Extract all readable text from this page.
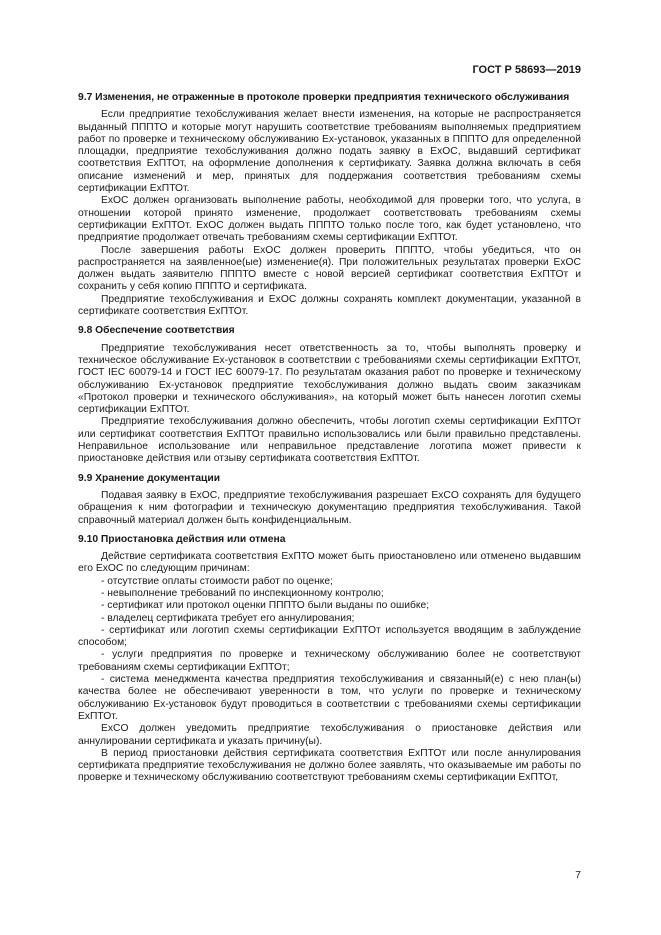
ГОСТ Р 58693—2019
9.7 Изменения, не отраженные в протоколе проверки предприятия технического обслуживания

Если предприятие техобслуживания желает внести изменения, на которые не распространяется выданный ПППТО и которые могут нарушить соответствие требованиям выполняемых предприятием работ по проверке и техническому обслуживанию Ex-установок, указанных в ПППТО для определенной площадки, предприятие техобслуживания должно подать заявку в ExOC, выдавший сертификат соответствия ExПТОт, на оформление дополнения к сертификату. Заявка должна включать в себя описание изменений и мер, принятых для поддержания соответствия требованиям схемы сертификации ExПТОт.

ExOC должен организовать выполнение работы, необходимой для проверки того, что услуга, в отношении которой принято изменение, продолжает соответствовать требованиям схемы сертификации ExПТОт. ExOC должен выдать ПППТО только после того, как будет установлено, что предприятие продолжает отвечать требованиям схемы сертификации ExПТОт.

После завершения работы ExOC должен проверить ПППТО, чтобы убедиться, что он распространяется на заявленное(ые) изменение(я). При положительных результатах проверки ExOC должен выдать заявителю ПППТО вместе с новой версией сертификат соответствия ExПТОт и сохранить у себя копию ПППТО и сертификата.

Предприятие техобслуживания и ExOC должны сохранять комплект документации, указанной в сертификате соответствия ExПТОт.

9.8 Обеспечение соответствия

Предприятие техобслуживания несет ответственность за то, чтобы выполнять проверку и техническое обслуживание Ex-установок в соответствии с требованиями схемы сертификации ExПТОт, ГОСТ IEC 60079-14 и ГОСТ IEC 60079-17. По результатам оказания работ по проверке и техническому обслуживанию Ex-установок предприятие техобслуживания должно выдать своим заказчикам «Протокол проверки и технического обслуживания», на который может быть нанесен логотип схемы сертификации ExПТОт.

Предприятие техобслуживания должно обеспечить, чтобы логотип схемы сертификации ExПТОт или сертификат соответствия ExПТОт правильно использовались или были правильно представлены. Неправильное использование или неправильное представление логотипа может привести к приостановке действия или отзыву сертификата соответствия ExПТОт.

9.9 Хранение документации

Подавая заявку в ExOC, предприятие техобслуживания разрешает ExCO сохранять для будущего обращения к ним фотографии и техническую документацию предприятия техобслуживания. Такой справочный материал должен быть конфиденциальным.

9.10 Приостановка действия или отмена

Действие сертификата соответствия ExПТО может быть приостановлено или отменено выдавшим его ExOC по следующим причинам:

- отсутствие оплаты стоимости работ по оценке;

- невыполнение требований по инспекционному контролю;

- сертификат или протокол оценки ПППТО были выданы по ошибке;

- владелец сертификата требует его аннулирования;

- сертификат или логотип схемы сертификации ExПТОт используется вводящим в заблуждение способом;

- услуги предприятия по проверке и техническому обслуживанию более не соответствуют требованиям схемы сертификации ExПТОт;

- система менеджмента качества предприятия техобслуживания и связанный(е) с нею план(ы) качества более не обеспечивают уверенности в том, что услуги по проверке и техническому обслуживанию Ex-установок будут проводиться в соответствии с требованиями схемы сертификации ExПТОт.

ExCO должен уведомить предприятие техобслуживания о приостановке действия или аннулировании сертификата и указать причину(ы).

В период приостановки действия сертификата соответствия ExПТОт или после аннулирования сертификата предприятие техобслуживания не должно более заявлять, что оказываемые им работы по проверке и техническому обслуживанию соответствуют требованиям схемы сертификации ExПТОт,

7
